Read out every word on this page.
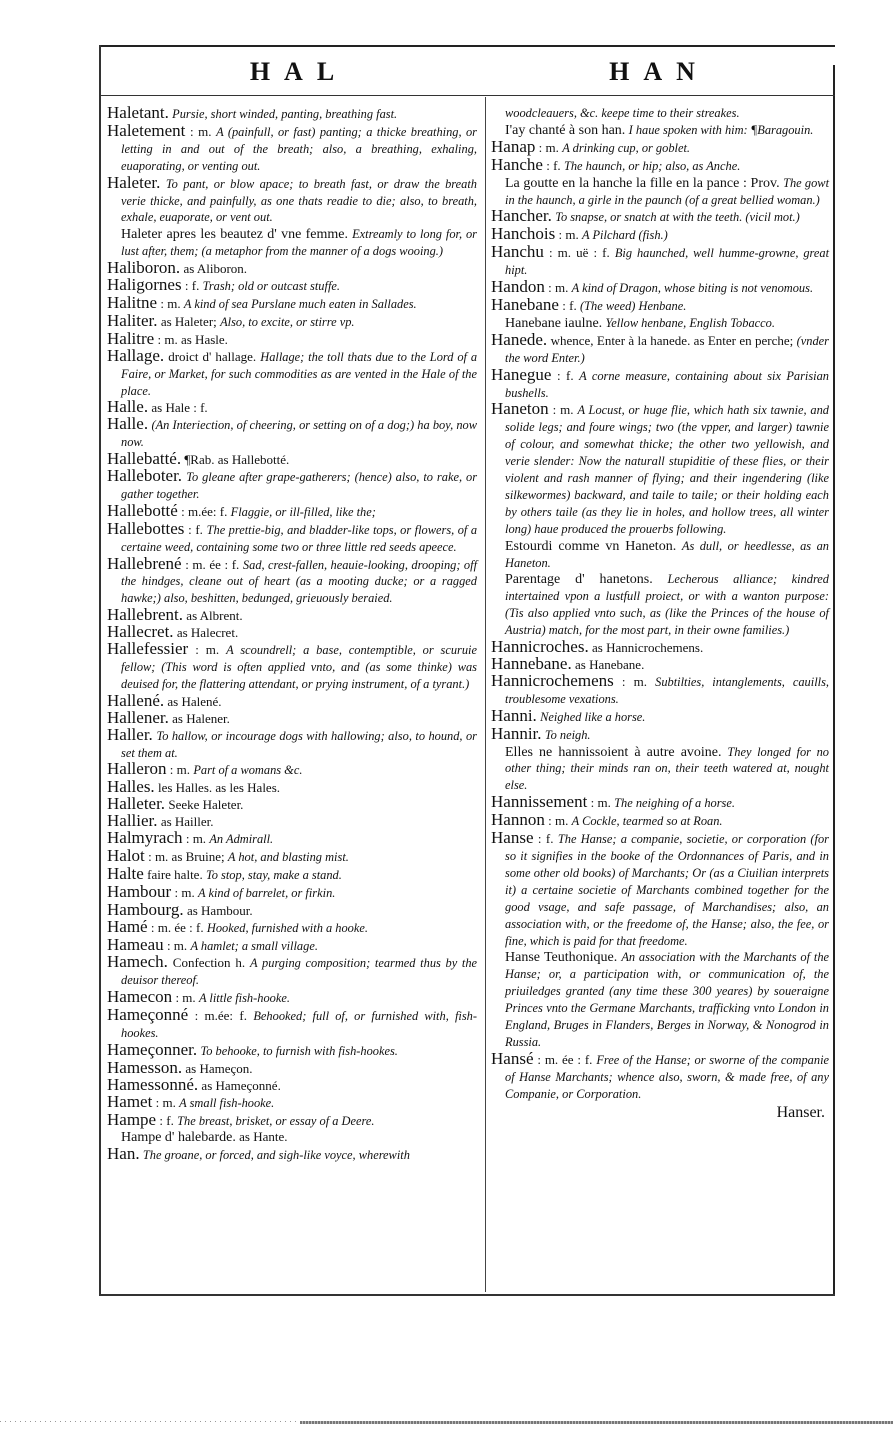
HAL	HAN

Haletant. Pursie, short winded, panting, breathing fast.

Haletement : m. A (painfull, or fast) panting; a thicke breathing, or letting in and out of the breath; also, a breathing, exhaling, euaporating, or venting out.

Haleter. To pant, or blow apace; to breath fast, or draw the breath verie thicke, and painfully, as one thats readie to die; also, to breath, exhale, euaporate, or vent out.

Haleter apres les beautez d' vne femme. Extreamly to long for, or lust after, them; (a metaphor from the manner of a dogs wooing.)

Haliboron. as Aliboron.

Haligornes : f. Trash; old or outcast stuffe.

Halitne : m. A kind of sea Purslane much eaten in Sallades.

Haliter. as Haleter; Also, to excite, or stirre vp.

Halitre : m. as Hasle.

Hallage. droict d' hallage. Hallage; the toll thats due to the Lord of a Faire, or Market, for such commodities as are vented in the Hale of the place.

Halle. as Hale : f.

Halle. (An Interiection, of cheering, or setting on of a dog;) ha boy, now now.

Hallebatté. ¶Rab. as Hallebotté.

Halleboter. To gleane after grape-gatherers; (hence) also, to rake, or gather together.

Hallebotté : m.ée: f. Flaggie, or ill-filled, like the;

Hallebottes : f. The prettie-big, and bladder-like tops, or flowers, of a certaine weed, containing some two or three little red seeds apeece.

Hallebrené : m. ée : f. Sad, crest-fallen, heauie-looking, drooping; off the hindges, cleane out of heart (as a mooting ducke; or a ragged hawke;) also, beshitten, bedunged, grieuously beraied.

Hallebrent. as Albrent.

Hallecret. as Halecret.

Hallefessier : m. A scoundrell; a base, contemptible, or scuruie fellow; (This word is often applied vnto, and (as some thinke) was deuised for, the flattering attendant, or prying instrument, of a tyrant.)

Hallené. as Halené.

Hallener. as Halener.

Haller. To hallow, or incourage dogs with hallowing; also, to hound, or set them at.

Halleron : m. Part of a womans &c.

Halles. les Halles. as les Hales.

Halleter. Seeke Haleter.

Hallier. as Hailler.

Halmyrach : m. An Admirall.

Halot : m. as Bruine; A hot, and blasting mist.

Halte faire halte. To stop, stay, make a stand.

Hambour : m. A kind of barrelet, or firkin.

Hambourg. as Hambour.

Hamé : m. ée : f. Hooked, furnished with a hooke.

Hameau : m. A hamlet; a small village.

Hamech. Confection h. A purging composition; tearmed thus by the deuisor thereof.

Hamecon : m. A little fish-hooke.

Hameçonné : m.ée: f. Behooked; full of, or furnished with, fish-hookes.

Hameçonner. To behooke, to furnish with fish-hookes.

Hamesson. as Hameçon.

Hamessonné. as Hameçonné.

Hamet : m. A small fish-hooke.

Hampe : f. The breast, brisket, or essay of a Deere.

Hampe d' halebarde. as Hante.

Han. The groane, or forced, and sigh-like voyce, wherewith

woodcleauers, &c. keepe time to their streakes.

I'ay chanté à son han. I haue spoken with him: ¶Baragouin.

Hanap : m. A drinking cup, or goblet.

Hanche : f. The haunch, or hip; also, as Anche.

La goutte en la hanche la fille en la pance : Prov. The gowt in the haunch, a girle in the paunch (of a great bellied woman.)

Hancher. To snapse, or snatch at with the teeth. (vicil mot.)

Hanchois : m. A Pilchard (fish.)

Hanchu : m. uë : f. Big haunched, well humme-growne, great hipt.

Handon : m. A kind of Dragon, whose biting is not venomous.

Hanebane : f. (The weed) Henbane.

Hanebane iaulne. Yellow henbane, English Tobacco.

Hanede. whence, Enter à la hanede. as Enter en perche; (vnder the word Enter.)

Hanegue : f. A corne measure, containing about six Parisian bushells.

Haneton : m. A Locust, or huge flie, which hath six tawnie, and solide legs; and foure wings; two (the vpper, and larger) tawnie of colour, and somewhat thicke; the other two yellowish, and verie slender: Now the naturall stupiditie of these flies, or their violent and rash manner of flying; and their ingendering (like silkewormes) backward, and taile to taile; or their holding each by others taile (as they lie in holes, and hollow trees, all winter long) haue produced the prouerbs following.

Estourdi comme vn Haneton. As dull, or heedlesse, as an Haneton.

Parentage d' hanetons. Lecherous alliance; kindred intertained vpon a lustfull proiect, or with a wanton purpose: (Tis also applied vnto such, as (like the Princes of the house of Austria) match, for the most part, in their owne families.)

Hannicroches. as Hannicrochemens.

Hannebane. as Hanebane.

Hannicrochemens : m. Subtilties, intanglements, cauills, troublesome vexations.

Hanni. Neighed like a horse.

Hannir. To neigh.

Elles ne hannissoient à autre avoine. They longed for no other thing; their minds ran on, their teeth watered at, nought else.

Hannissement : m. The neighing of a horse.

Hannon : m. A Cockle, tearmed so at Roan.

Hanse : f. The Hanse; a companie, societie, or corporation (for so it signifies in the booke of the Ordonnances of Paris, and in some other old books) of Marchants; Or (as a Ciuilian interprets it) a certaine societie of Marchants combined together for the good vsage, and safe passage, of Marchandises; also, an association with, or the freedome of, the Hanse; also, the fee, or fine, which is paid for that freedome.

Hanse Teuthonique. An association with the Marchants of the Hanse; or, a participation with, or communication of, the priuiledges granted (any time these 300 yeares) by soueraigne Princes vnto the Germane Marchants, trafficking vnto London in England, Bruges in Flanders, Berges in Norway, & Nonogrod in Russia.

Hansé : m. ée : f. Free of the Hanse; or sworne of the companie of Hanse Marchants; whence also, sworn, & made free, of any Companie, or Corporation.

Hanser.
